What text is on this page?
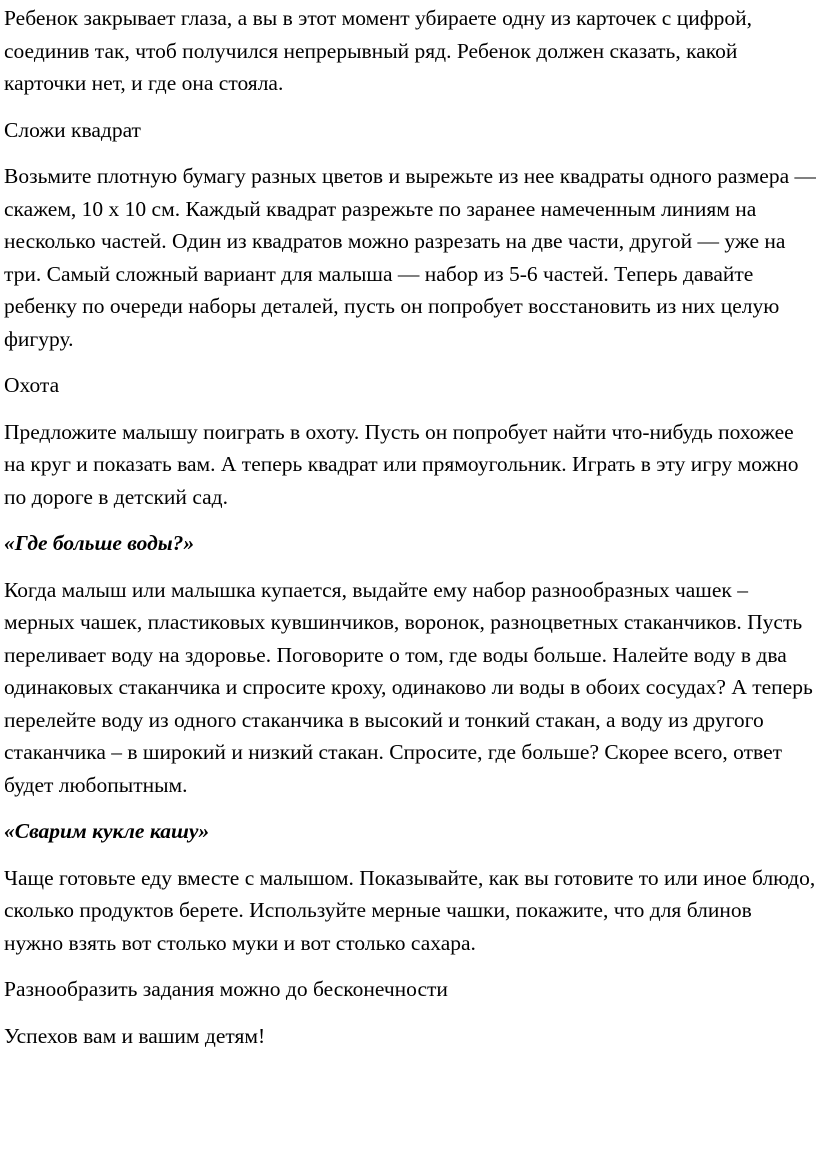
Ребенок закрывает глаза, а вы в этот момент убираете одну из карточек с цифрой, соединив так, чтоб получился непрерывный ряд. Ребенок должен сказать, какой карточки нет, и где она стояла.

Сложи квадрат

Возьмите плотную бумагу разных цветов и вырежьте из нее квадраты одного размера — скажем, 10 х 10 см. Каждый квадрат разрежьте по заранее намеченным линиям на несколько частей. Один из квадратов можно разрезать на две части, другой — уже на три. Самый сложный вариант для малыша — набор из 5-6 частей. Теперь давайте ребенку по очереди наборы деталей, пусть он попробует восстановить из них целую фигуру.

Охота

Предложите малышу поиграть в охоту. Пусть он попробует найти что-нибудь похожее на круг и показать вам. А теперь квадрат или прямоугольник. Играть в эту игру можно по дороге в детский сад.

«Где больше воды?»

Когда малыш или малышка купается, выдайте ему набор разнообразных чашек – мерных чашек, пластиковых кувшинчиков, воронок, разноцветных стаканчиков. Пусть переливает воду на здоровье. Поговорите о том, где воды больше. Налейте воду в два одинаковых стаканчика и спросите кроху, одинаково ли воды в обоих сосудах? А теперь перелейте воду из одного стаканчика в высокий и тонкий стакан, а воду из другого стаканчика – в широкий и низкий стакан. Спросите, где больше? Скорее всего, ответ будет любопытным.

«Сварим кукле кашу»

Чаще готовьте еду вместе с малышом. Показывайте, как вы готовите то или иное блюдо, сколько продуктов берете. Используйте мерные чашки, покажите, что для блинов нужно взять вот столько муки и вот столько сахара.

Разнообразить задания можно до бесконечности

Успехов вам и вашим детям!
